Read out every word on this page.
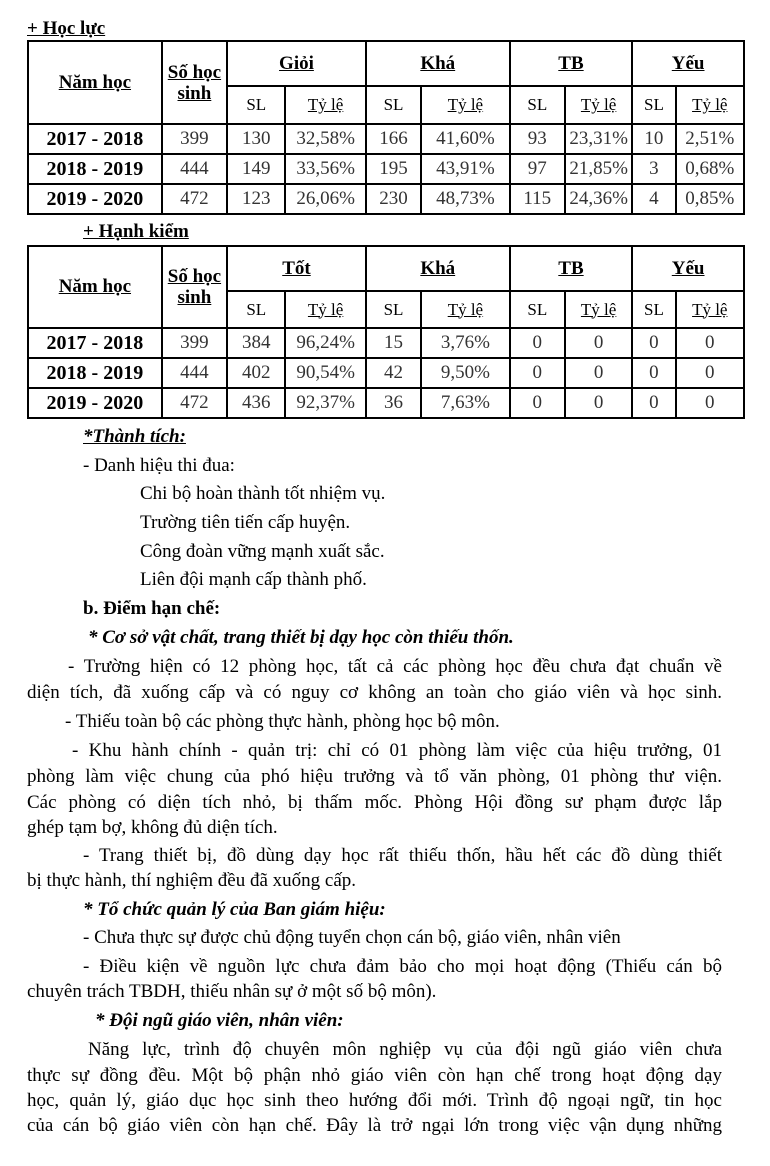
+ Học lực
Năm học	Số học sinh	Giỏi		Khá		TB		Yếu	
		SL	Tỷ lệ	SL	Tỷ lệ	SL	Tỷ lệ	SL	Tỷ lệ
2017 - 2018	399	130	32,58%	166	41,60%	93	23,31%	10	2,51%
2018 - 2019	444	149	33,56%	195	43,91%	97	21,85%	3	0,68%
2019 - 2020	472	123	26,06%	230	48,73%	115	24,36%	4	0,85%
+ Hạnh kiểm
Năm học	Số học sinh	Tốt		Khá		TB		Yếu	
		SL	Tỷ lệ	SL	Tỷ lệ	SL	Tỷ lệ	SL	Tỷ lệ
2017 - 2018	399	384	96,24%	15	3,76%	0	0	0	0
2018 - 2019	444	402	90,54%	42	9,50%	0	0	0	0
2019 - 2020	472	436	92,37%	36	7,63%	0	0	0	0
*Thành tích:
- Danh hiệu thi đua:
Chi bộ hoàn thành tốt nhiệm vụ.
Trường tiên tiến cấp huyện.
Công đoàn vững mạnh xuất sắc.
Liên đội mạnh cấp thành phố.
b. Điểm hạn chế:
* Cơ sở vật chất, trang thiết bị dạy học còn thiếu thốn.
- Trường hiện có 12 phòng học, tất cả các phòng học đều chưa đạt chuẩn về
diện tích, đã xuống cấp và có nguy cơ không an toàn cho giáo viên và học sinh.
- Thiếu toàn bộ các phòng thực hành, phòng học bộ môn.
- Khu hành chính - quản trị: chỉ có 01 phòng làm việc của hiệu trưởng, 01
phòng làm việc chung của phó hiệu trưởng và tổ văn phòng, 01 phòng thư viện.
Các phòng có diện tích nhỏ, bị thấm mốc. Phòng Hội đồng sư phạm được lắp
ghép tạm bợ, không đủ diện tích.
- Trang thiết bị, đồ dùng dạy học rất thiếu thốn, hầu hết các đồ dùng thiết
bị thực hành, thí nghiệm đều đã xuống cấp.
* Tổ chức quản lý của Ban giám hiệu:
- Chưa thực sự được chủ động tuyển chọn cán bộ, giáo viên, nhân viên
- Điều kiện về nguồn lực chưa đảm bảo cho mọi hoạt động (Thiếu cán bộ
chuyên trách TBDH, thiếu nhân sự ở một số bộ môn).
* Đội ngũ giáo viên, nhân viên:
Năng lực, trình độ chuyên môn nghiệp vụ của đội ngũ giáo viên chưa
thực sự đồng đều. Một bộ phận nhỏ giáo viên còn hạn chế trong hoạt động dạy
học, quản lý, giáo dục học sinh theo hướng đổi mới. Trình độ ngoại ngữ, tin học
của cán bộ giáo viên còn hạn chế. Đây là trở ngại lớn trong việc vận dụng những
